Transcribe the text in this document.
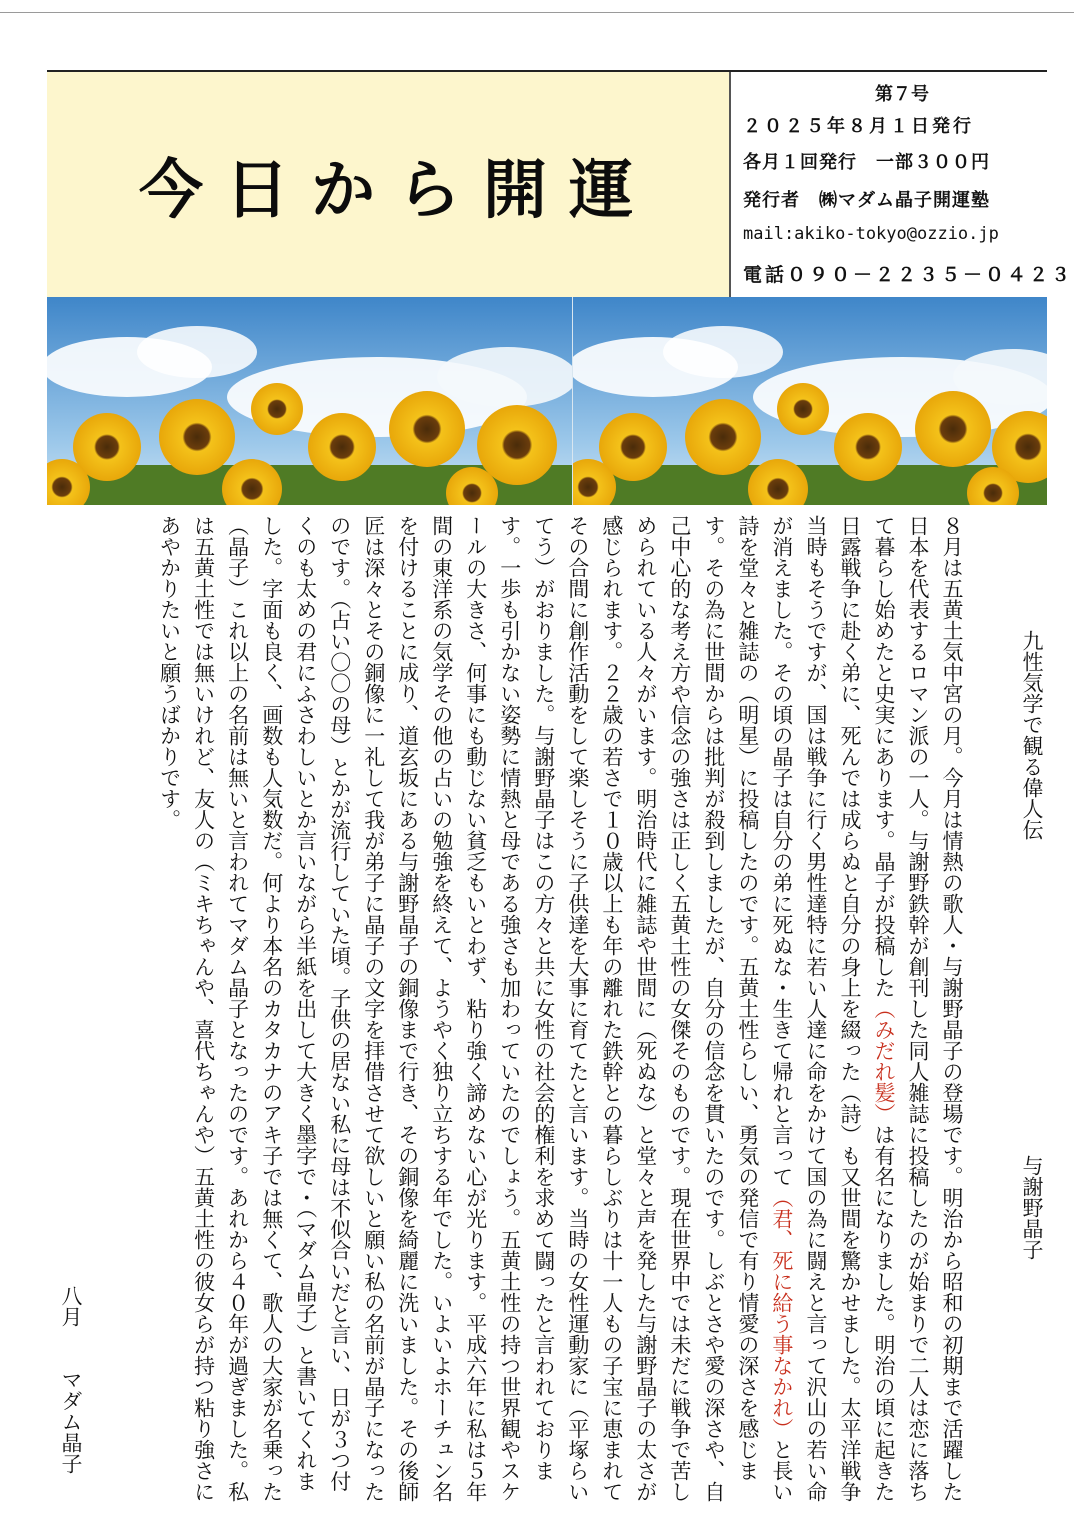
今日から開運
第７号
２０２５年８月１日発行
各月１回発行　一部３００円
発行者　㈱マダム晶子開運塾
mail:akiko-tokyo@ozzio.jp
電話０９０－２２３５－０４２３
九性気学で観る偉人伝
与謝野晶子
８月は五黄土気中宮の月。今月は情熱の歌人・与謝野晶子の登場です。明治から昭和の初期まで活躍した日本を代表するロマン派の一人。与謝野鉄幹が創刊した同人雑誌に投稿したのが始まりで二人は恋に落ちて暮らし始めたと史実にあります。晶子が投稿した（みだれ髪）は有名になりました。明治の頃に起きた日露戦争に赴く弟に、死んでは成らぬと自分の身上を綴った（詩）も又世間を驚かせました。太平洋戦争当時もそうですが、国は戦争に行く男性達特に若い人達に命をかけて国の為に闘えと言って沢山の若い命が消えました。その頃の晶子は自分の弟に死ぬな・生きて帰れと言って（君、死に給う事なかれ）と長い詩を堂々と雑誌の（明星）に投稿したのです。五黄土性らしい、勇気の発信で有り情愛の深さを感じます。その為に世間からは批判が殺到しましたが、自分の信念を貫いたのです。しぶとさや愛の深さや、自己中心的な考え方や信念の強さは正しく五黄土性の女傑そのものです。現在世界中では未だに戦争で苦しめられている人々がいます。明治時代に雑誌や世間に（死ぬな）と堂々と声を発した与謝野晶子の太さが感じられます。２２歳の若さで１０歳以上も年の離れた鉄幹との暮らしぶりは十一人もの子宝に恵まれてその合間に創作活動をして楽しそうに子供達を大事に育てたと言います。当時の女性運動家に（平塚らいてう）がおりました。与謝野晶子はこの方々と共に女性の社会的権利を求めて闘ったと言われております。一歩も引かない姿勢に情熱と母である強さも加わっていたのでしょう。五黄土性の持つ世界観やスケールの大きさ、何事にも動じない貧乏もいとわず、粘り強く諦めない心が光ります。平成六年に私は５年間の東洋系の気学その他の占いの勉強を終えて、ようやく独り立ちする年でした。いよいよホーチュン名を付けることに成り、道玄坂にある与謝野晶子の銅像まで行き、その銅像を綺麗に洗いました。その後師匠は深々とその銅像に一礼して我が弟子に晶子の文字を拝借させて欲しいと願い私の名前が晶子になったのです。（占い〇〇の母）とかが流行していた頃。子供の居ない私に母は不似合いだと言い、日が３つ付くのも太めの君にふさわしいとか言いながら半紙を出して大きく墨字で・（マダム晶子）と書いてくれました。字面も良く、画数も人気数だ。何より本名のカタカナのアキ子では無くて、歌人の大家が名乗った（晶子）これ以上の名前は無いと言われてマダム晶子となったのです。あれから４０年が過ぎました。私は五黄土性では無いけれど、友人の（ミキちゃんや、喜代ちゃんや）五黄土性の彼女らが持つ粘り強さにあやかりたいと願うばかりです。
八月　　マダム晶子
